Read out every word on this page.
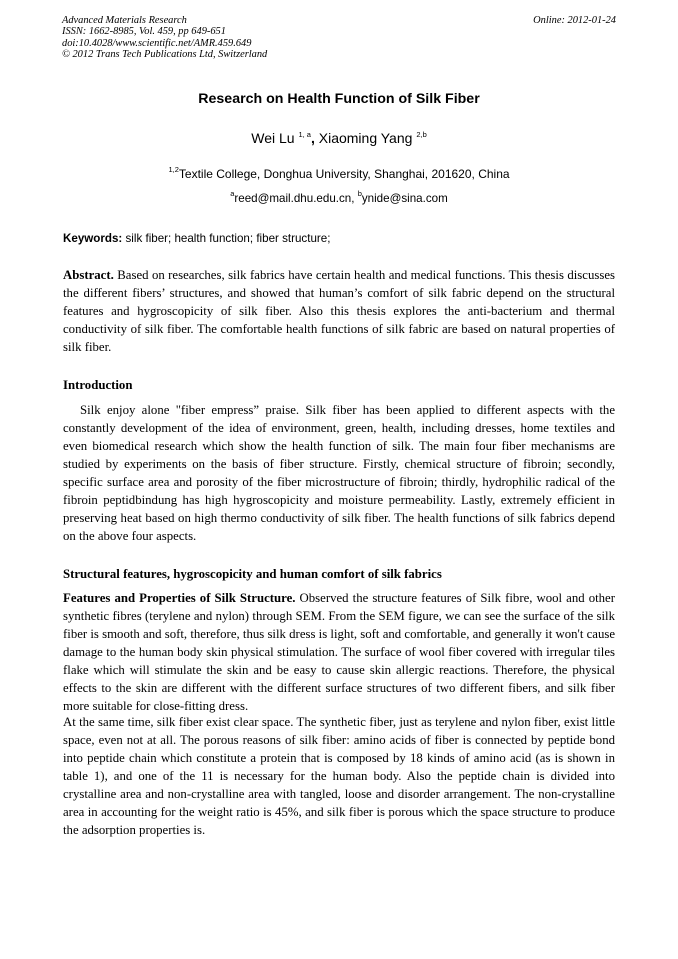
Advanced Materials Research
ISSN: 1662-8985, Vol. 459, pp 649-651
doi:10.4028/www.scientific.net/AMR.459.649
© 2012 Trans Tech Publications Ltd, Switzerland
Online: 2012-01-24
Research on Health Function of Silk Fiber
Wei Lu $^{1, a}$, Xiaoming Yang $^{2,b}$
$^{1,2}$Textile College, Donghua University, Shanghai, 201620, China
$^a$reed@mail.dhu.edu.cn, $^b$ynide@sina.com
Keywords: silk fiber; health function; fiber structure;
Abstract. Based on researches, silk fabrics have certain health and medical functions. This thesis discusses the different fibers’ structures, and showed that human’s comfort of silk fabric depend on the structural features and hygroscopicity of silk fiber. Also this thesis explores the anti-bacterium and thermal conductivity of silk fiber. The comfortable health functions of silk fabric are based on natural properties of silk fiber.
Introduction
Silk enjoy alone "fiber empress” praise. Silk fiber has been applied to different aspects with the constantly development of the idea of environment, green, health, including dresses, home textiles and even biomedical research which show the health function of silk. The main four fiber mechanisms are studied by experiments on the basis of fiber structure. Firstly, chemical structure of fibroin; secondly, specific surface area and porosity of the fiber microstructure of fibroin; thirdly, hydrophilic radical of the fibroin peptidbindung has high hygroscopicity and moisture permeability. Lastly, extremely efficient in preserving heat based on high thermo conductivity of silk fiber. The health functions of silk fabrics depend on the above four aspects.
Structural features, hygroscopicity and human comfort of silk fabrics
Features and Properties of Silk Structure. Observed the structure features of Silk fibre, wool and other synthetic fibres (terylene and nylon) through SEM. From the SEM figure, we can see the surface of the silk fiber is smooth and soft, therefore, thus silk dress is light, soft and comfortable, and generally it won't cause damage to the human body skin physical stimulation. The surface of wool fiber covered with irregular tiles flake which will stimulate the skin and be easy to cause skin allergic reactions. Therefore, the physical effects to the skin are different with the different surface structures of two different fibers, and silk fiber more suitable for close-fitting dress.
At the same time, silk fiber exist clear space. The synthetic fiber, just as terylene and nylon fiber, exist little space, even not at all. The porous reasons of silk fiber: amino acids of fiber is connected by peptide bond into peptide chain which constitute a protein that is composed by 18 kinds of amino acid (as is shown in table 1), and one of the 11 is necessary for the human body. Also the peptide chain is divided into crystalline area and non-crystalline area with tangled, loose and disorder arrangement. The non-crystalline area in accounting for the weight ratio is 45%, and silk fiber is porous which the space structure to produce the adsorption properties is.
